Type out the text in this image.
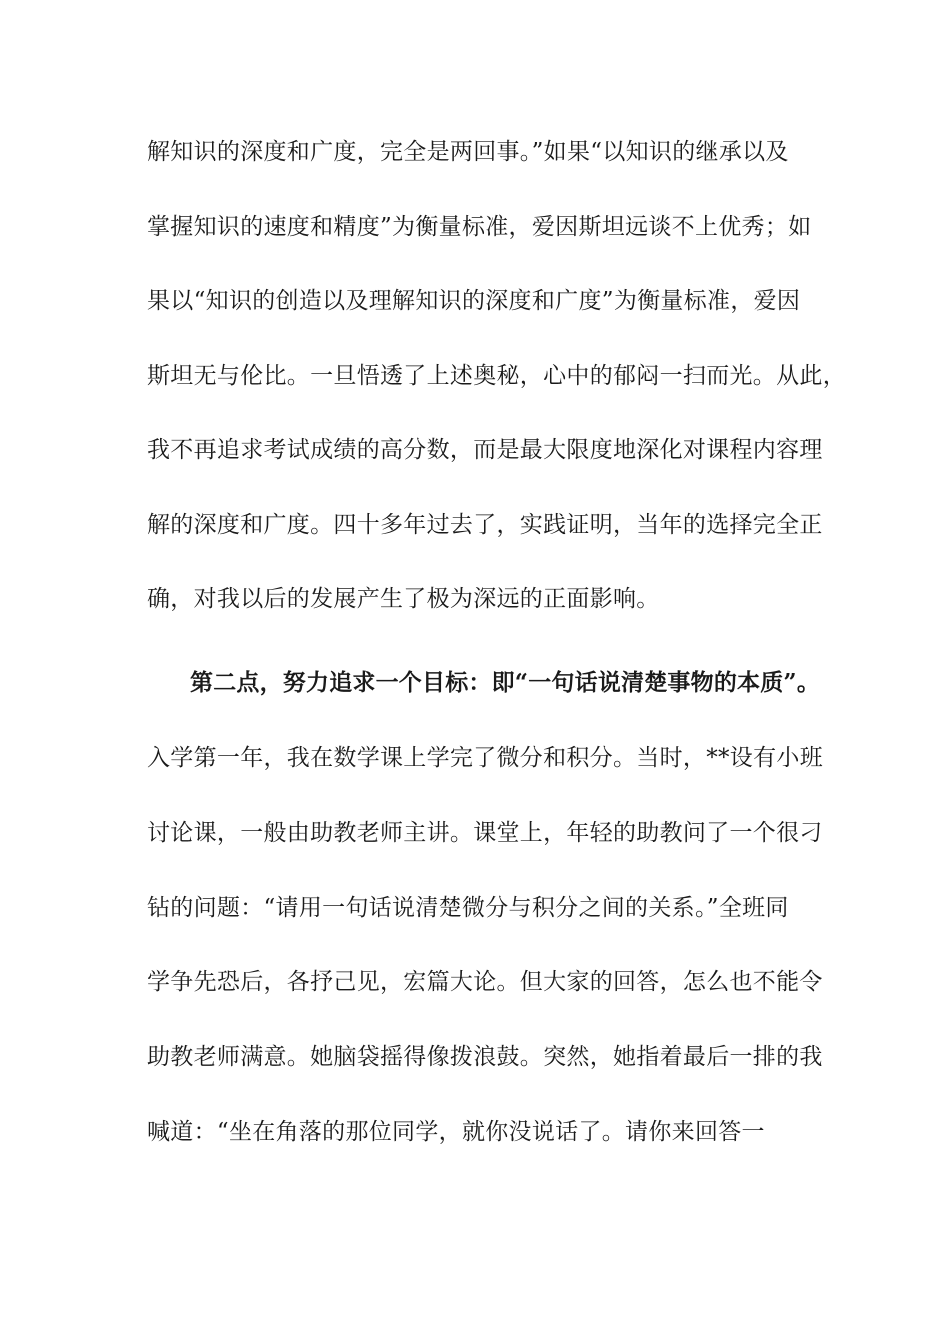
解知识的深度和广度，完全是两回事。”如果“以知识的继承以及
掌握知识的速度和精度”为衡量标准，爱因斯坦远谈不上优秀；如
果以“知识的创造以及理解知识的深度和广度”为衡量标准，爱因
斯坦无与伦比。一旦悟透了上述奥秘，心中的郁闷一扫而光。从此，
我不再追求考试成绩的高分数，而是最大限度地深化对课程内容理
解的深度和广度。四十多年过去了，实践证明，当年的选择完全正
确，对我以后的发展产生了极为深远的正面影响。
第二点，努力追求一个目标：即“一句话说清楚事物的本质”。
入学第一年，我在数学课上学完了微分和积分。当时，**设有小班
讨论课，一般由助教老师主讲。课堂上，年轻的助教问了一个很刁
钻的问题：“请用一句话说清楚微分与积分之间的关系。”全班同
学争先恐后，各抒己见，宏篇大论。但大家的回答，怎么也不能令
助教老师满意。她脑袋摇得像拨浪鼓。突然，她指着最后一排的我
喊道：“坐在角落的那位同学，就你没说话了。请你来回答一
